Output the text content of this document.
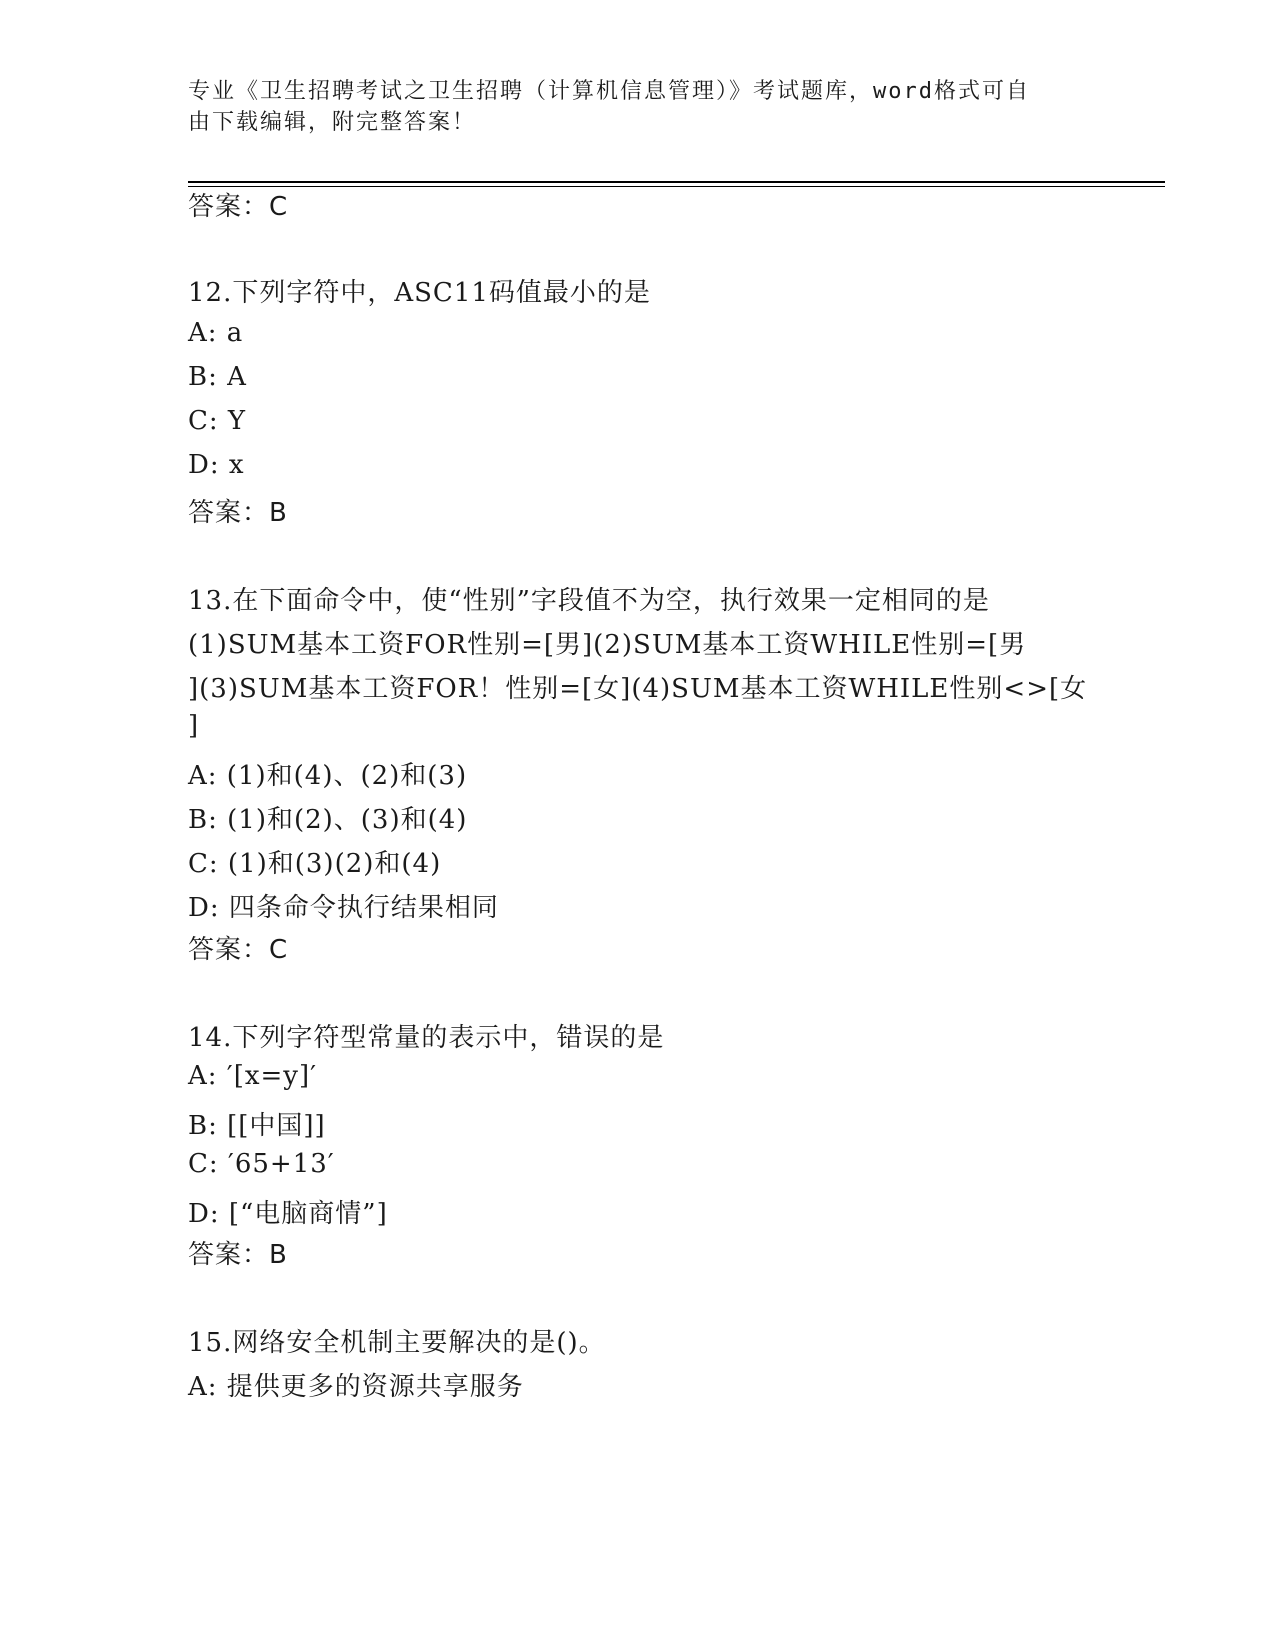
专业《卫生招聘考试之卫生招聘（计算机信息管理）》考试题库，word格式可自
由下载编辑，附完整答案！
答案：C
12.下列字符中，ASC11码值最小的是
A: a
B: A
C: Y
D: x
答案：B
13.在下面命令中，使“性别”字段值不为空，执行效果一定相同的是
(1)SUM基本工资FOR性别=[男](2)SUM基本工资WHILE性别=[男
](3)SUM基本工资FOR！性别=[女](4)SUM基本工资WHILE性别<>[女
]
A: (1)和(4)、(2)和(3)
B: (1)和(2)、(3)和(4)
C: (1)和(3)(2)和(4)
D: 四条命令执行结果相同
答案：C
14.下列字符型常量的表示中，错误的是
A: ′[x=y]′
B: [[中国]]
C: ′65+13′
D: [“电脑商情”]
答案：B
15.网络安全机制主要解决的是()。
A: 提供更多的资源共享服务
